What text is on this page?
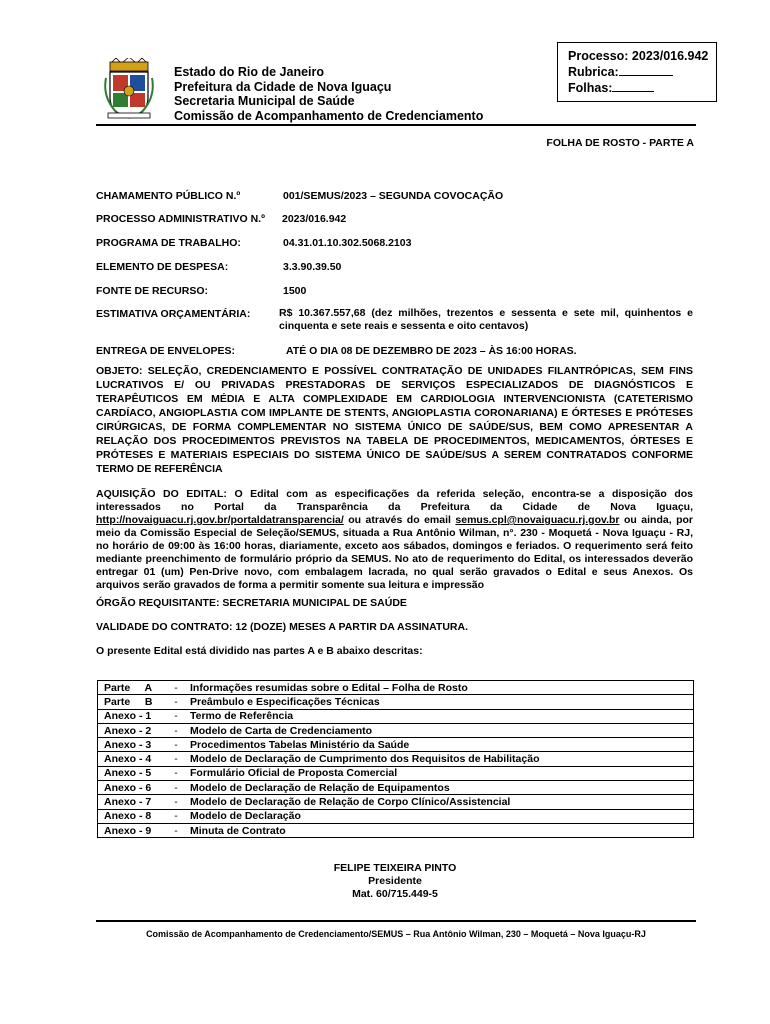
Estado do Rio de Janeiro
Prefeitura da Cidade de Nova Iguaçu
Secretaria Municipal de Saúde
Comissão de Acompanhamento de Credenciamento
Processo: 2023/016.942
Rubrica:
Folhas:
FOLHA DE ROSTO - PARTE A
CHAMAMENTO PÚBLICO N.º	001/SEMUS/2023 – SEGUNDA COVOCAÇÃO
PROCESSO ADMINISTRATIVO N.º 2023/016.942
PROGRAMA DE TRABALHO:	04.31.01.10.302.5068.2103
ELEMENTO DE DESPESA:	3.3.90.39.50
FONTE DE RECURSO:	1500
ESTIMATIVA ORÇAMENTÁRIA:	R$ 10.367.557,68 (dez milhões, trezentos e sessenta e sete mil, quinhentos e cinquenta e sete reais e sessenta e oito centavos)
ENTREGA DE ENVELOPES:	ATÉ O DIA 08 DE DEZEMBRO DE 2023 – ÀS 16:00 HORAS.
OBJETO: SELEÇÃO, CREDENCIAMENTO E POSSÍVEL CONTRATAÇÃO DE UNIDADES FILANTRÓPICAS, SEM FINS LUCRATIVOS E/ OU PRIVADAS PRESTADORAS DE SERVIÇOS ESPECIALIZADOS DE DIAGNÓSTICOS E TERAPÊUTICOS EM MÉDIA E ALTA COMPLEXIDADE EM CARDIOLOGIA INTERVENCIONISTA (CATETERISMO CARDÍACO, ANGIOPLASTIA COM IMPLANTE DE STENTS, ANGIOPLASTIA CORONARIANA) E ÓRTESES E PRÓTESES CIRÚRGICAS, DE FORMA COMPLEMENTAR NO SISTEMA ÚNICO DE SAÚDE/SUS, BEM COMO APRESENTAR A RELAÇÃO DOS PROCEDIMENTOS PREVISTOS NA TABELA DE PROCEDIMENTOS, MEDICAMENTOS, ÓRTESES E PRÓTESES E MATERIAIS ESPECIAIS DO SISTEMA ÚNICO DE SAÚDE/SUS A SEREM CONTRATADOS CONFORME TERMO DE REFERÊNCIA
AQUISIÇÃO DO EDITAL: O Edital com as especificações da referida seleção, encontra-se a disposição dos interessados no Portal da Transparência da Prefeitura da Cidade de Nova Iguaçu, http://novaiguacu.rj.gov.br/portaldatransparencia/ ou através do email semus.cpl@novaiguacu.rj.gov.br ou ainda, por meio da Comissão Especial de Seleção/SEMUS, situada a Rua Antônio Wilman, n°. 230 - Moquetá - Nova Iguaçu - RJ, no horário de 09:00 às 16:00 horas, diariamente, exceto aos sábados, domingos e feriados. O requerimento será feito mediante preenchimento de formulário próprio da SEMUS. No ato de requerimento do Edital, os interessados deverão entregar 01 (um) Pen-Drive novo, com embalagem lacrada, no qual serão gravados o Edital e seus Anexos. Os arquivos serão gravados de forma a permitir somente sua leitura e impressão
ÓRGÃO REQUISITANTE: SECRETARIA MUNICIPAL DE SAÚDE
VALIDADE DO CONTRATO: 12 (DOZE) MESES A PARTIR DA ASSINATURA.
O presente Edital está dividido nas partes A e B abaixo descritas:
Parte     A	-	Informações resumidas sobre o Edital – Folha de Rosto
Parte     B	-	Preâmbulo e Especificações Técnicas
Anexo - 1	-	Termo de Referência
Anexo - 2	-	Modelo de Carta de Credenciamento
Anexo - 3	-	Procedimentos Tabelas Ministério da Saúde
Anexo - 4	-	Modelo de Declaração de Cumprimento dos Requisitos de Habilitação
Anexo - 5	-	Formulário Oficial de Proposta Comercial
Anexo - 6	-	Modelo de Declaração de Relação de Equipamentos
Anexo - 7	-	Modelo de Declaração de Relação de Corpo Clínico/Assistencial
Anexo - 8	-	Modelo de Declaração
Anexo - 9	-	Minuta de Contrato
FELIPE TEIXEIRA PINTO
Presidente
Mat. 60/715.449-5
Comissão de Acompanhamento de Credenciamento/SEMUS – Rua Antônio Wilman, 230 – Moquetá – Nova Iguaçu-RJ
